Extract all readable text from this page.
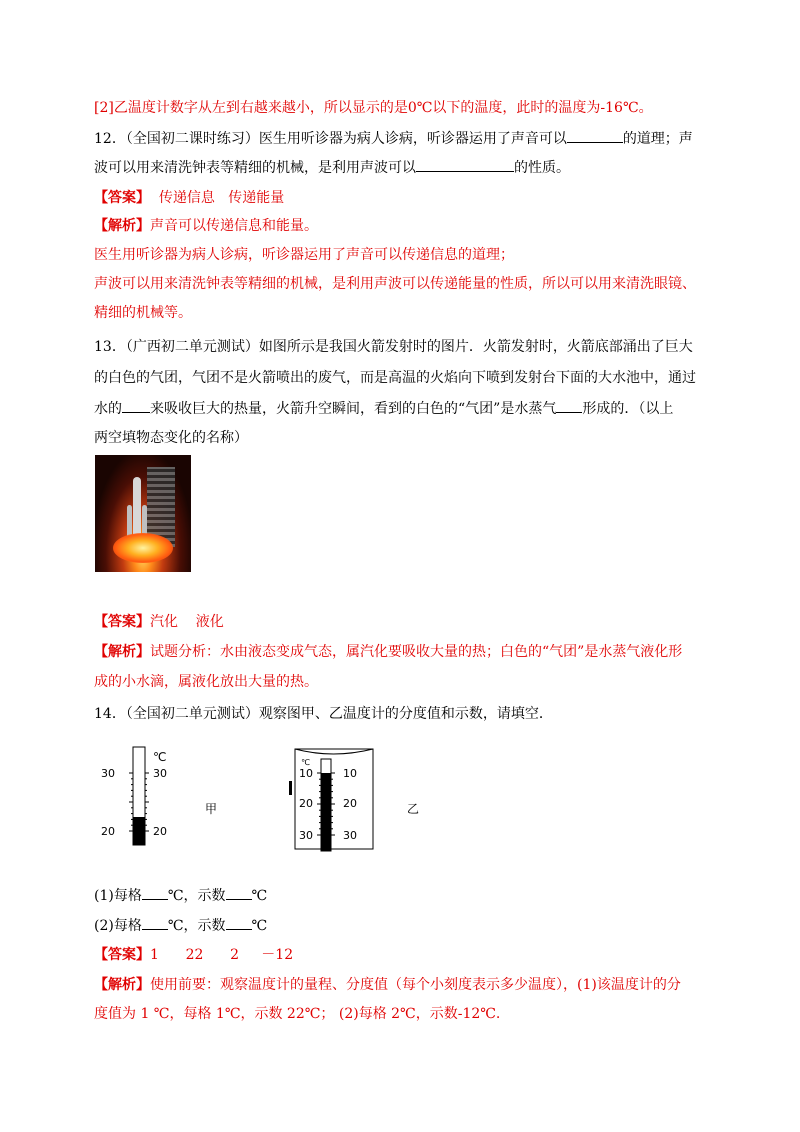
[2]乙温度计数字从左到右越来越小，所以显示的是0℃以下的温度，此时的温度为-16℃。
12．（全国初二课时练习）医生用听诊器为病人诊病，听诊器运用了声音可以	的道理；声
波可以用来清洗钟表等精细的机械，是利用声波可以	的性质。
【答案】  传递信息   传递能量
【解析】声音可以传递信息和能量。
医生用听诊器为病人诊病，听诊器运用了声音可以传递信息的道理；
声波可以用来清洗钟表等精细的机械，是利用声波可以传递能量的性质，所以可以用来清洗眼镜、
精细的机械等。
13．（广西初二单元测试）如图所示是我国火箭发射时的图片．火箭发射时，火箭底部涌出了巨大
的白色的气团，气团不是火箭喷出的废气，而是高温的火焰向下喷到发射台下面的大水池中，通过
水的 来吸收巨大的热量，火箭升空瞬间，看到的白色的“气团”是水蒸气 形成的．（以上
两空填物态变化的名称）
【答案】汽化    液化
【解析】试题分析：水由液态变成气态，属汽化要吸收大量的热；白色的“气团”是水蒸气液化形
成的小水滴，属液化放出大量的热。
14．（全国初二单元测试）观察图甲、乙温度计的分度值和示数，请填空．
℃
30	30
20	20
甲
℃
10	10
20	20
30	30
乙
(1)每格 ℃，示数 ℃
(2)每格 ℃，示数 ℃
【答案】1      22      2     －12
【解析】使用前要：观察温度计的量程、分度值（每个小刻度表示多少温度），(1)该温度计的分
度值为 1 ℃，每格 1℃，示数 22℃； (2)每格 2℃，示数-12℃.
